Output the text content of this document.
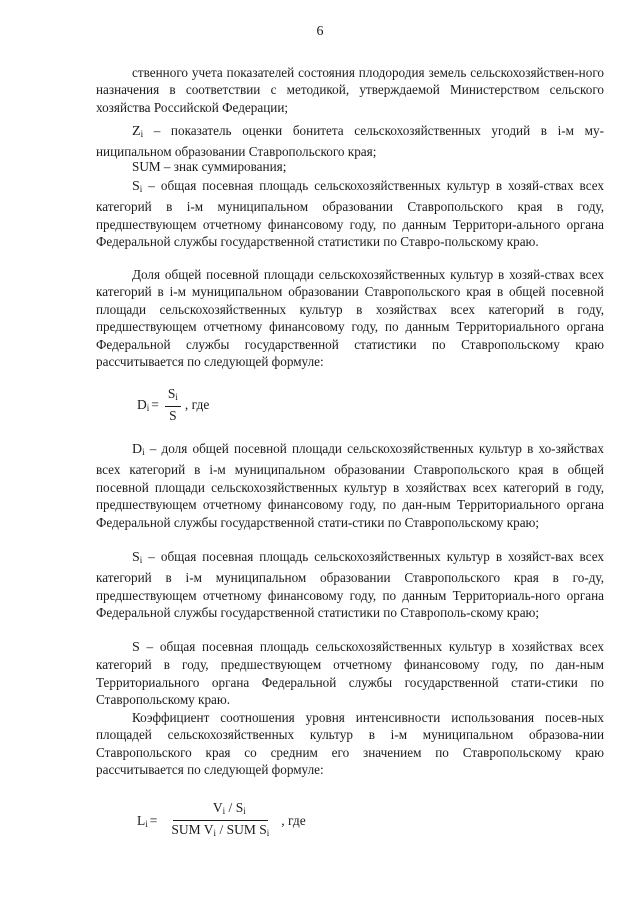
6

ственного учета показателей состояния плодородия земель сельскохозяйствен-ного назначения в соответствии с методикой, утверждаемой Министерством сельского хозяйства Российской Федерации;

$Z_i$ – показатель оценки бонитета сельскохозяйственных угодий в i-м му-ниципальном образовании Ставропольского края;

SUM – знак суммирования;

$S_i$ – общая посевная площадь сельскохозяйственных культур в хозяй-ствах всех категорий в i-м муниципальном образовании Ставропольского края в году, предшествующем отчетному финансовому году, по данным Территори-ального органа Федеральной службы государственной статистики по Ставро-польскому краю.

Доля общей посевной площади сельскохозяйственных культур в хозяй-ствах всех категорий в i-м муниципальном образовании Ставропольского края в общей посевной площади сельскохозяйственных культур в хозяйствах всех категорий в году, предшествующем отчетному финансовому году, по данным Территориального органа Федеральной службы государственной статистики по Ставропольскому краю рассчитывается по следующей формуле:

$D_i = \frac{S_i}{S}$ , где

$D_i$ – доля общей посевной площади сельскохозяйственных культур в хо-зяйствах всех категорий в i-м муниципальном образовании Ставропольского края в общей посевной площади сельскохозяйственных культур в хозяйствах всех категорий в году, предшествующем отчетному финансовому году, по дан-ным Территориального органа Федеральной службы государственной стати-стики по Ставропольскому краю;

$S_i$ – общая посевная площадь сельскохозяйственных культур в хозяйст-вах всех категорий в i-м муниципальном образовании Ставропольского края в го-ду, предшествующем отчетному финансовому году, по данным Территориаль-ного органа Федеральной службы государственной статистики по Ставрополь-скому краю;

S – общая посевная площадь сельскохозяйственных культур в хозяйствах всех категорий в году, предшествующем отчетному финансовому году, по дан-ным Территориального органа Федеральной службы государственной стати-стики по Ставропольскому краю.

Коэффициент соотношения уровня интенсивности использования посев-ных площадей сельскохозяйственных культур в i-м муниципальном образова-нии Ставропольского края со средним его значением по Ставропольскому краю рассчитывается по следующей формуле:

$L_i = \frac{V_i / S_i}{SUM V_i / SUM S_i}$ , где
